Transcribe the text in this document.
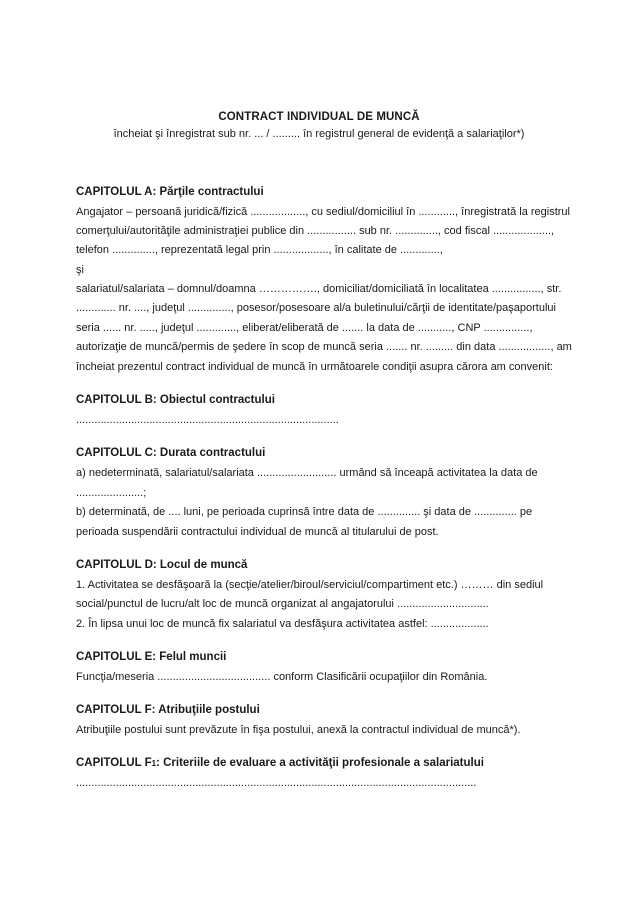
CONTRACT INDIVIDUAL DE MUNCĂ
încheiat şi înregistrat sub nr. ... / ......... în registrul general de evidenţă a salariaţilor*)
CAPITOLUL A: Părţile contractului
Angajator – persoană juridică/fizică .................., cu sediul/domiciliul în ............, înregistrată la registrul
comerţului/autorităţile administraţiei publice din ................ sub nr. .............., cod fiscal ...................,
telefon .............., reprezentată legal prin .................., în calitate de .............,
şi
salariatul/salariata – domnul/doamna ……………., domiciliat/domiciliată în localitatea ................, str.
............. nr. ...., judeţul .............., posesor/posesoare al/a buletinului/cărţii de identitate/paşaportului
seria ...... nr. ....., judeţul ............., eliberat/eliberată de ....... la data de ..........., CNP ...............,
autorizaţie de muncă/permis de şedere în scop de muncă seria ....... nr. ......... din data ................., am
încheiat prezentul contract individual de muncă în următoarele condiţii asupra cărora am convenit:
CAPITOLUL B: Obiectul contractului
......................................................................................
CAPITOLUL C: Durata contractului
a) nedeterminată, salariatul/salariata .......................... urmând să înceapă activitatea la data de
......................;
b) determinată, de .... luni, pe perioada cuprinsă între data de .............. şi data de .............. pe
perioada suspendării contractului individual de muncă al titularului de post.
CAPITOLUL D: Locul de muncă
1. Activitatea se desfăşoară la (secţie/atelier/biroul/serviciul/compartiment etc.) ……… din sediul
social/punctul de lucru/alt loc de muncă organizat al angajatorului ..............................
2. În lipsa unui loc de muncă fix salariatul va desfăşura activitatea astfel: ...................
CAPITOLUL E: Felul muncii
Funcţia/meseria ..................................... conform Clasificării ocupaţiilor din România.
CAPITOLUL F: Atribuţiile postului
Atribuţiile postului sunt prevăzute în fişa postului, anexă la contractul individual de muncă*).
CAPITOLUL F1: Criteriile de evaluare a activităţii profesionale a salariatului
...................................................................................................................................
